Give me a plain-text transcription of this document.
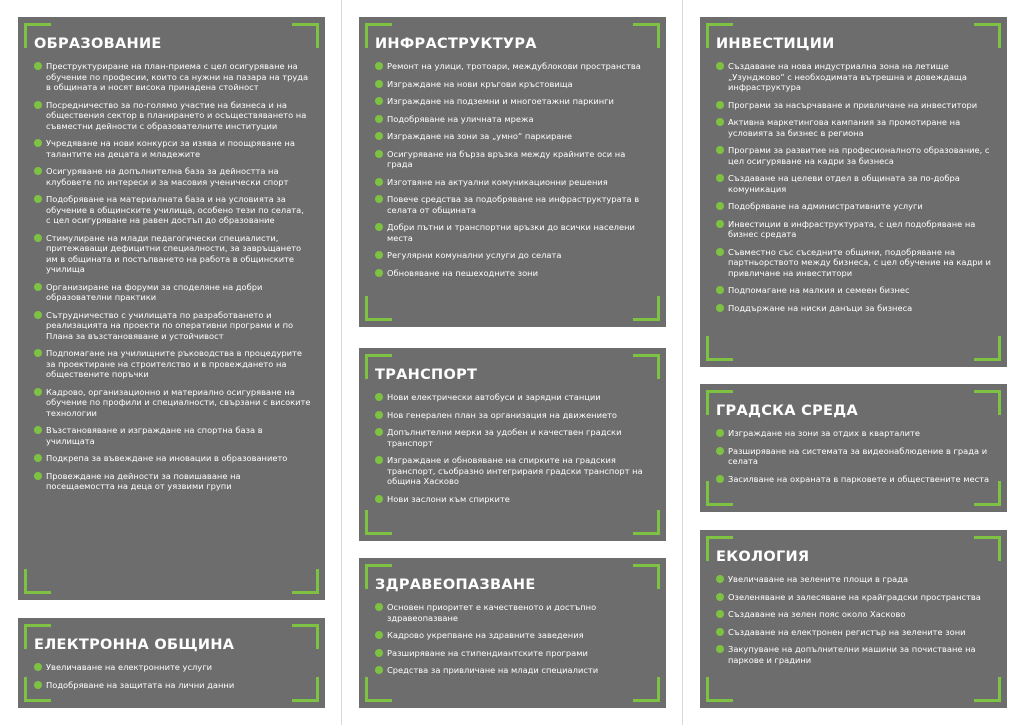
ОБРАЗОВАНИЕ
Преструктуриране на план-приема с цел осигуряване на обучение по професии, които са нужни на пазара на труда в общината и носят висока принадена стойност
Посредничество за по-голямо участие на бизнеса и на обществения сектор в планирането и осъществяването на съвместни дейности с образователните институции
Учредяване на нови конкурси за изява и поощряване на талантите на децата и младежите
Осигуряване на допълнителна база за дейността на клубовете по интереси и за масовия ученически спорт
Подобряване на материалната база и на условията за обучение в общинските училища, особено тези по селата, с цел осигуряване на равен достъп до образование
Стимулиране на млади педагогически специалисти, притежаващи дефицитни специалности, за завръщането им в общината и постъпването на работа в общинските училища
Организиране на форуми за споделяне на добри образователни практики
Сътрудничество с училищата по разработването и реализацията на проекти по оперативни програми и по Плана за възстановяване и устойчивост
Подпомагане на училищните ръководства в процедурите за проектиране на строителство и в провеждането на обществените поръчки
Кадрово, организационно и материално осигуряване на обучение по профили и специалности, свързани с високите технологии
Възстановяване и изграждане на спортна база в училищата
Подкрепа за въвеждане на иновации в образованието
Провеждане на дейности за повишаване на посещаемостта на деца от уязвими групи
ЕЛЕКТРОННА ОБЩИНА
Увеличаване на електронните услуги
Подобряване на защитата на лични данни
ИНФРАСТРУКТУРА
Ремонт на улици, тротоари, междублокови пространства
Изграждане на нови кръгови кръстовища
Изграждане на подземни и многоетажни паркинги
Подобряване на уличната мрежа
Изграждане на зони за „умно“ паркиране
Осигуряване на бърза връзка между крайните оси на града
Изготвяне на актуални комуникационни решения
Повече средства за подобряване на инфраструктурата в селата от общината
Добри пътни и транспортни връзки до всички населени места
Регулярни комунални услуги до селата
Обновяване на пешеходните зони
ТРАНСПОРТ
Нови електрически автобуси и зарядни станции
Нов генерален план за организация на движението
Допълнителни мерки за удобен и качествен градски транспорт
Изграждане и обновяване на спирките на градския транспорт, съобразно интегрираия градски транспорт на община Хасково
Нови заслони към спирките
ЗДРАВЕОПАЗВАНЕ
Основен приоритет е качественото и достъпно здравеопазване
Кадрово укрепване на здравните заведения
Разширяване на стипендиантските програми
Средства за привличане на млади специалисти
ИНВЕСТИЦИИ
Създаване на нова индустриална зона на летище „Узунджово“ с необходимата вътрешна и довеждаща инфраструктура
Програми за насърчаване и привличане на инвеститори
Активна маркетингова кампания за промотиране на условията за бизнес в региона
Програми за развитие на професионалното образование, с цел осигуряване на кадри за бизнеса
Създаване на целеви отдел в общината за по-добра комуникация
Подобряване на административните услуги
Инвестиции в инфраструктурата, с цел подобряване на бизнес средата
Съвместно със съседните общини, подобряване на партньорството между бизнеса, с цел обучение на кадри и привличане на инвеститори
Подпомагане на малкия и семеен бизнес
Поддържане на ниски данъци за бизнеса
ГРАДСКА СРЕДА
Изграждане на зони за отдих в кварталите
Разширяване на системата за видеонаблюдение в града и селата
Засилване на охраната в парковете и обществените места
ЕКОЛОГИЯ
Увеличаване на зелените площи в града
Озеленяване и залесяване на крайградски пространства
Създаване на зелен пояс около Хасково
Създаване на електронен регистър на зелените зони
Закупуване на допълнителни машини за почистване на паркове и градини
